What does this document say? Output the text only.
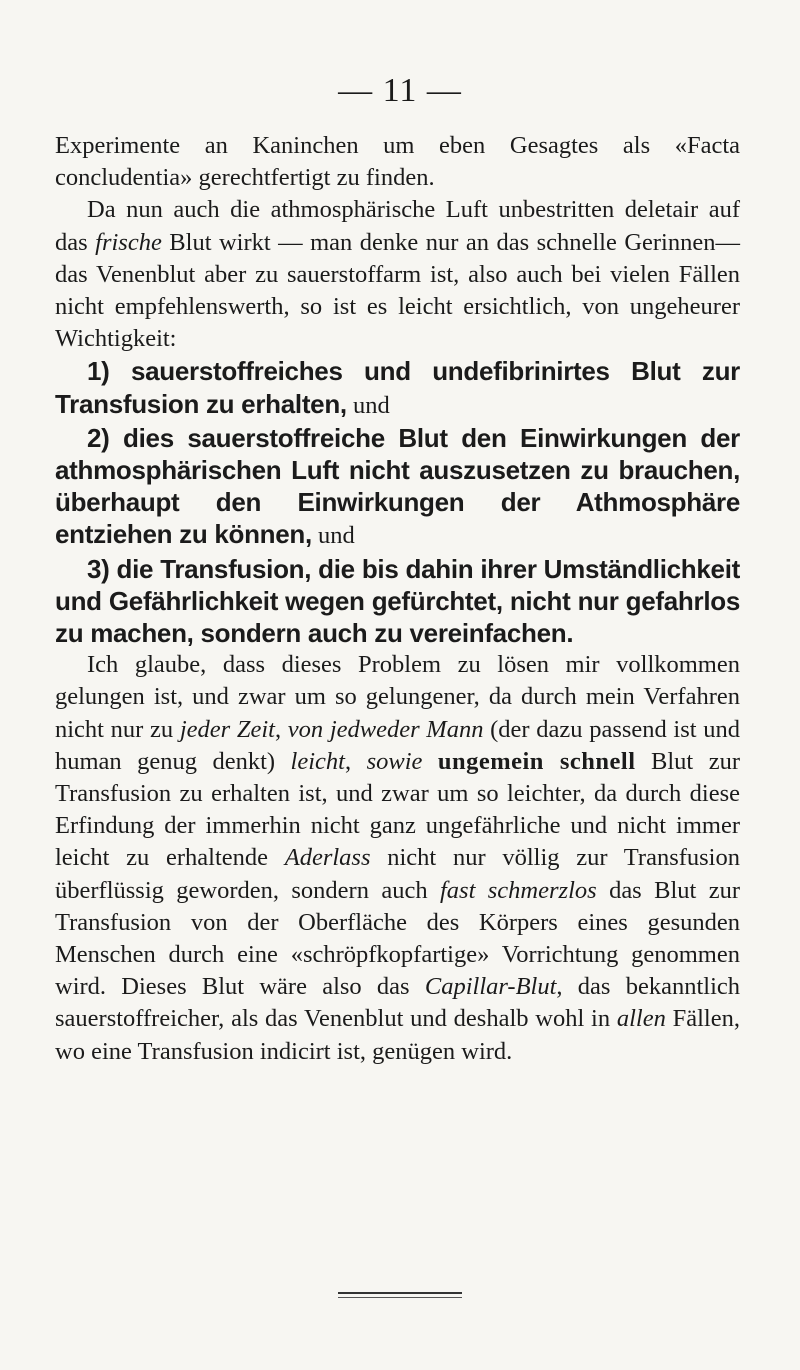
— 11 —

Experimente an Kaninchen um eben Gesagtes als «Facta concludentia» gerechtfertigt zu finden.

Da nun auch die athmosphärische Luft unbestritten deletair auf das frische Blut wirkt — man denke nur an das schnelle Gerinnen—das Venenblut aber zu sauerstoffarm ist, also auch bei vielen Fällen nicht empfehlenswerth, so ist es leicht ersichtlich, von ungeheurer Wichtigkeit:

1) sauerstoffreiches und undefibrinirtes Blut zur Transfusion zu erhalten, und

2) dies sauerstoffreiche Blut den Einwirkungen der athmosphärischen Luft nicht auszusetzen zu brauchen, überhaupt den Einwirkungen der Athmosphäre entziehen zu können, und

3) die Transfusion, die bis dahin ihrer Umständlichkeit und Gefährlichkeit wegen gefürchtet, nicht nur gefahrlos zu machen, sondern auch zu vereinfachen.

Ich glaube, dass dieses Problem zu lösen mir vollkommen gelungen ist, und zwar um so gelungener, da durch mein Verfahren nicht nur zu jeder Zeit, von jedweder Mann (der dazu passend ist und human genug denkt) leicht, sowie ungemein schnell Blut zur Transfusion zu erhalten ist, und zwar um so leichter, da durch diese Erfindung der immerhin nicht ganz ungefährliche und nicht immer leicht zu erhaltende Aderlass nicht nur völlig zur Transfusion überflüssig geworden, sondern auch fast schmerzlos das Blut zur Transfusion von der Oberfläche des Körpers eines gesunden Menschen durch eine «schröpfkopfartige» Vorrichtung genommen wird. Dieses Blut wäre also das Capillar-Blut, das bekanntlich sauerstoffreicher, als das Venenblut und deshalb wohl in allen Fällen, wo eine Transfusion indicirt ist, genügen wird.
